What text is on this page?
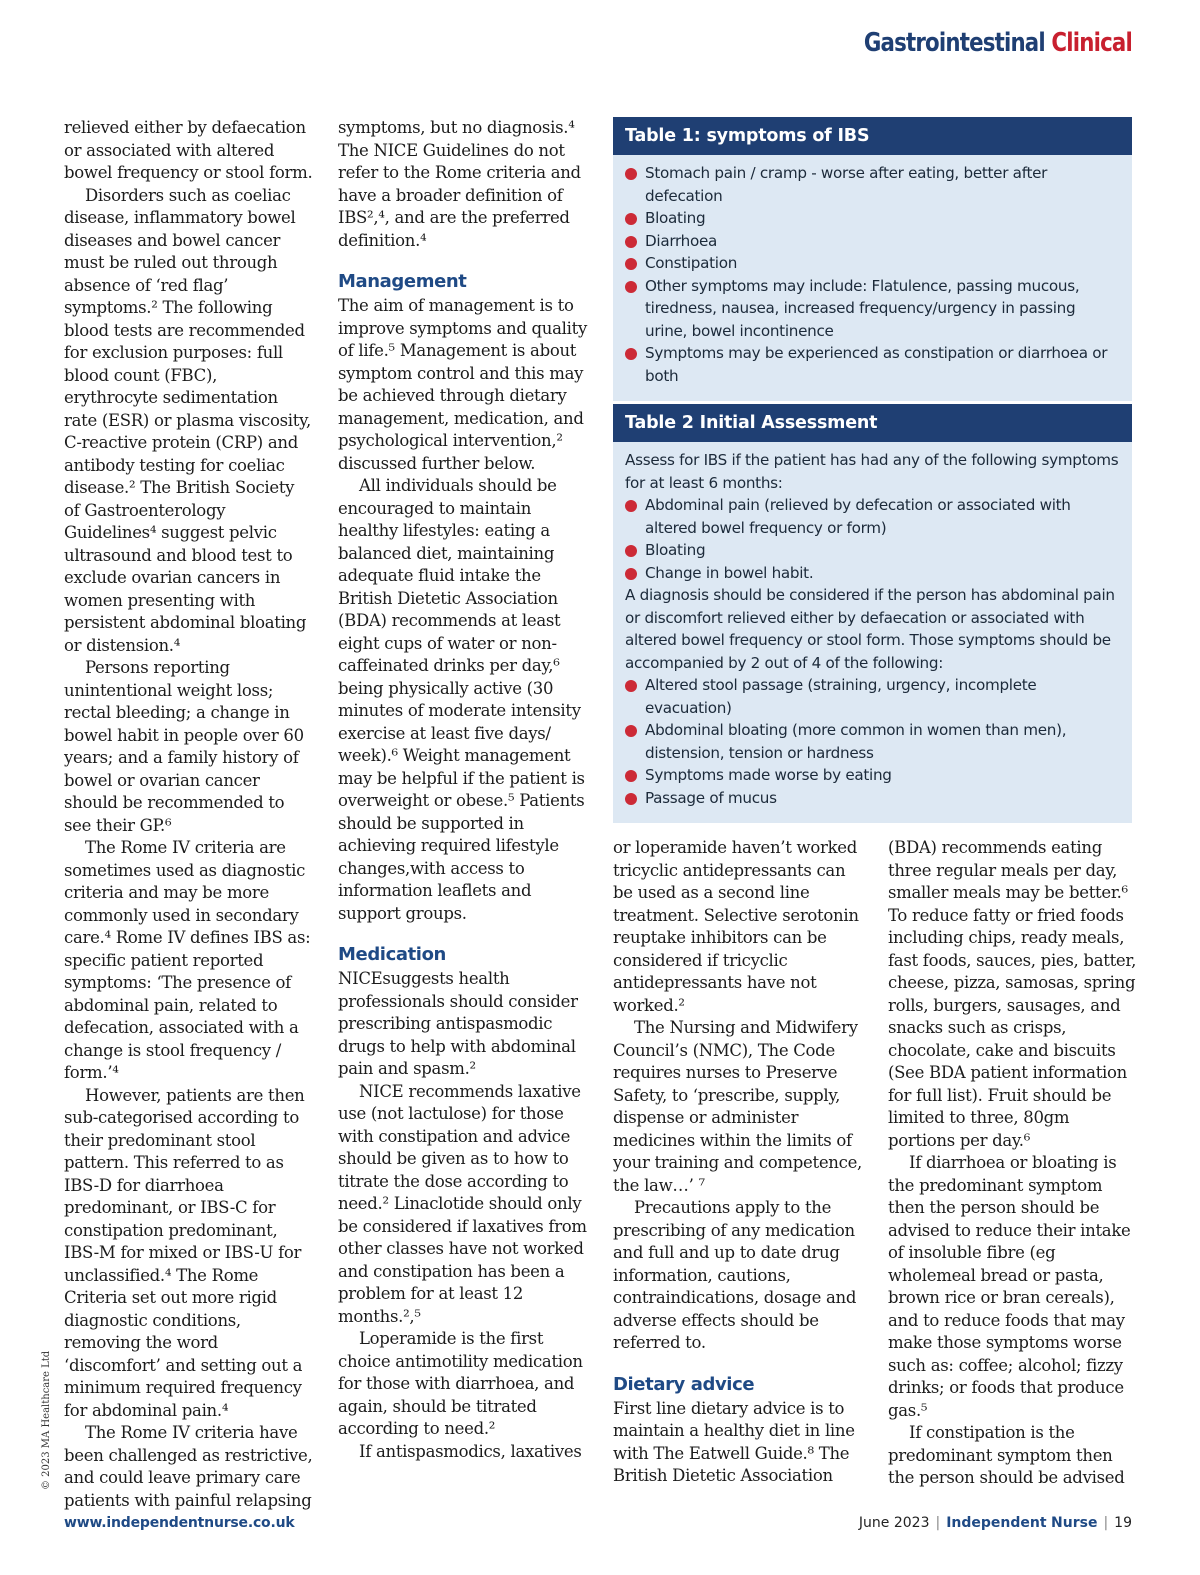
Gastrointestinal Clinical

relieved either by defaecation or associated with altered bowel frequency or stool form.

Disorders such as coeliac disease, inflammatory bowel diseases and bowel cancer must be ruled out through absence of ‘red flag’ symptoms.² The following blood tests are recommended for exclusion purposes: full blood count (FBC), erythrocyte sedimentation rate (ESR) or plasma viscosity, C-reactive protein (CRP) and antibody testing for coeliac disease.² The British Society of Gastroenterology Guidelines⁴ suggest pelvic ultrasound and blood test to exclude ovarian cancers in women presenting with persistent abdominal bloating or distension.⁴

Persons reporting unintentional weight loss; rectal bleeding; a change in bowel habit in people over 60 years; and a family history of bowel or ovarian cancer should be recommended to see their GP.⁶

The Rome IV criteria are sometimes used as diagnostic criteria and may be more commonly used in secondary care.⁴ Rome IV defines IBS as: specific patient reported symptoms: ‘The presence of abdominal pain, related to defecation, associated with a change is stool frequency / form.’⁴

However, patients are then sub-categorised according to their predominant stool pattern. This referred to as IBS-D for diarrhoea predominant, or IBS-C for constipation predominant, IBS-M for mixed or IBS-U for unclassified.⁴ The Rome Criteria set out more rigid diagnostic conditions, removing the word ‘discomfort’ and setting out a minimum required frequency for abdominal pain.⁴

The Rome IV criteria have been challenged as restrictive, and could leave primary care patients with painful relapsing

symptoms, but no diagnosis.⁴ The NICE Guidelines do not refer to the Rome criteria and have a broader definition of IBS²,⁴, and are the preferred definition.⁴

Management

The aim of management is to improve symptoms and quality of life.⁵ Management is about symptom control and this may be achieved through dietary management, medication, and psychological intervention,² discussed further below.

All individuals should be encouraged to maintain healthy lifestyles: eating a balanced diet, maintaining adequate fluid intake the British Dietetic Association (BDA) recommends at least eight cups of water or non-caffeinated drinks per day,⁶ being physically active (30 minutes of moderate intensity exercise at least five days/ week).⁶ Weight management may be helpful if the patient is overweight or obese.⁵ Patients should be supported in achieving required lifestyle changes,with access to information leaflets and support groups.

Medication

NICEsuggests health professionals should consider prescribing antispasmodic drugs to help with abdominal pain and spasm.²

NICE recommends laxative use (not lactulose) for those with constipation and advice should be given as to how to titrate the dose according to need.² Linaclotide should only be considered if laxatives from other classes have not worked and constipation has been a problem for at least 12 months.²,⁵

Loperamide is the first choice antimotility medication for those with diarrhoea, and again, should be titrated according to need.²

If antispasmodics, laxatives

Table 1: symptoms of IBS
Stomach pain / cramp - worse after eating, better after defecation
Bloating
Diarrhoea
Constipation
Other symptoms may include: Flatulence, passing mucous, tiredness, nausea, increased frequency/urgency in passing urine, bowel incontinence
Symptoms may be experienced as constipation or diarrhoea or both
Table 2 Initial Assessment
Assess for IBS if the patient has had any of the following symptoms for at least 6 months:
Abdominal pain (relieved by defecation or associated with altered bowel frequency or form)
Bloating
Change in bowel habit.
A diagnosis should be considered if the person has abdominal pain or discomfort relieved either by defaecation or associated with altered bowel frequency or stool form. Those symptoms should be accompanied by 2 out of 4 of the following:
Altered stool passage (straining, urgency, incomplete evacuation)
Abdominal bloating (more common in women than men), distension, tension or hardness
Symptoms made worse by eating
Passage of mucus

or loperamide haven’t worked tricyclic antidepressants can be used as a second line treatment. Selective serotonin reuptake inhibitors can be considered if tricyclic antidepressants have not worked.²

The Nursing and Midwifery Council’s (NMC), The Code requires nurses to Preserve Safety, to ‘prescribe, supply, dispense or administer medicines within the limits of your training and competence, the law…’ ⁷

Precautions apply to the prescribing of any medication and full and up to date drug information, cautions, contraindications, dosage and adverse effects should be referred to.

Dietary advice

First line dietary advice is to maintain a healthy diet in line with The Eatwell Guide.⁸ The British Dietetic Association

(BDA) recommends eating three regular meals per day, smaller meals may be better.⁶ To reduce fatty or fried foods including chips, ready meals, fast foods, sauces, pies, batter, cheese, pizza, samosas, spring rolls, burgers, sausages, and snacks such as crisps, chocolate, cake and biscuits (See BDA patient information for full list). Fruit should be limited to three, 80gm portions per day.⁶

If diarrhoea or bloating is the predominant symptom then the person should be advised to reduce their intake of insoluble fibre (eg wholemeal bread or pasta, brown rice or bran cereals), and to reduce foods that may make those symptoms worse such as: coffee; alcohol; fizzy drinks; or foods that produce gas.⁵

If constipation is the predominant symptom then the person should be advised

© 2023 MA Healthcare Ltd
www.independentnurse.co.uk	June 2023 | Independent Nurse | 19
